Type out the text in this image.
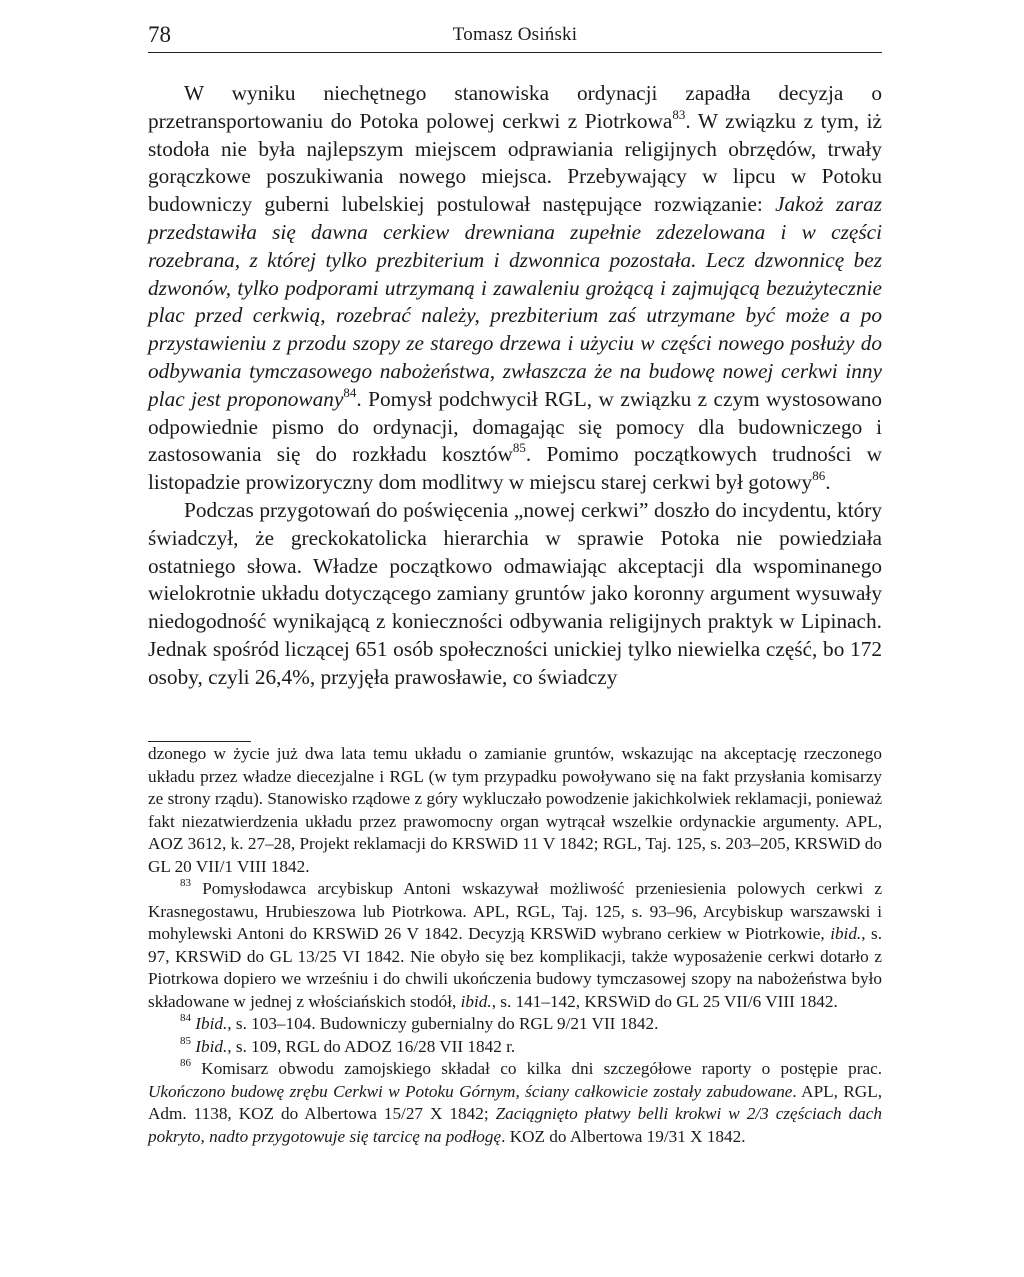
78	Tomasz Osiński

W wyniku niechętnego stanowiska ordynacji zapadła decyzja o przetransportowaniu do Potoka polowej cerkwi z Piotrkowa$^{83}$. W związku z tym, iż stodoła nie była najlepszym miejscem odprawiania religijnych obrzędów, trwały gorączkowe poszukiwania nowego miejsca. Przebywający w lipcu w Potoku budowniczy guberni lubelskiej postulował następujące rozwiązanie: Jakoż zaraz przedstawiła się dawna cerkiew drewniana zupełnie zdezelowana i w części rozebrana, z której tylko prezbiterium i dzwonnica pozostała. Lecz dzwonnicę bez dzwonów, tylko podporami utrzymaną i zawaleniu grożącą i zajmującą bezużytecznie plac przed cerkwią, rozebrać należy, prezbiterium zaś utrzymane być może a po przystawieniu z przodu szopy ze starego drzewa i użyciu w części nowego posłuży do odbywania tymczasowego nabożeństwa, zwłaszcza że na budowę nowej cerkwi inny plac jest proponowany$^{84}$. Pomysł podchwycił RGL, w związku z czym wystosowano odpowiednie pismo do ordynacji, domagając się pomocy dla budowniczego i zastosowania się do rozkładu kosztów$^{85}$. Pomimo początkowych trudności w listopadzie prowizoryczny dom modlitwy w miejscu starej cerkwi był gotowy$^{86}$.

Podczas przygotowań do poświęcenia „nowej cerkwi” doszło do incydentu, który świadczył, że greckokatolicka hierarchia w sprawie Potoka nie powiedziała ostatniego słowa. Władze początkowo odmawiając akceptacji dla wspominanego wielokrotnie układu dotyczącego zamiany gruntów jako koronny argument wysuwały niedogodność wynikającą z konieczności odbywania religijnych praktyk w Lipinach. Jednak spośród liczącej 651 osób społeczności unickiej tylko niewielka część, bo 172 osoby, czyli 26,4%, przyjęła prawosławie, co świadczy

dzonego w życie już dwa lata temu układu o zamianie gruntów, wskazując na akceptację rzeczonego układu przez władze diecezjalne i RGL (w tym przypadku powoływano się na fakt przysłania komisarzy ze strony rządu). Stanowisko rządowe z góry wykluczało powodzenie jakichkolwiek reklamacji, ponieważ fakt niezatwierdzenia układu przez prawomocny organ wytrącał wszelkie ordynackie argumenty. APL, AOZ 3612, k. 27–28, Projekt reklamacji do KRSWiD 11 V 1842; RGL, Taj. 125, s. 203–205, KRSWiD do GL 20 VII/1 VIII 1842.

$^{83}$ Pomysłodawca arcybiskup Antoni wskazywał możliwość przeniesienia polowych cerkwi z Krasnegostawu, Hrubieszowa lub Piotrkowa. APL, RGL, Taj. 125, s. 93–96, Arcybiskup warszawski i mohylewski Antoni do KRSWiD 26 V 1842. Decyzją KRSWiD wybrano cerkiew w Piotrkowie, ibid., s. 97, KRSWiD do GL 13/25 VI 1842. Nie obyło się bez komplikacji, także wyposażenie cerkwi dotarło z Piotrkowa dopiero we wrześniu i do chwili ukończenia budowy tymczasowej szopy na nabożeństwa było składowane w jednej z włościańskich stodół, ibid., s. 141–142, KRSWiD do GL 25 VII/6 VIII 1842.

$^{84}$ Ibid., s. 103–104. Budowniczy gubernialny do RGL 9/21 VII 1842.

$^{85}$ Ibid., s. 109, RGL do ADOZ 16/28 VII 1842 r.

$^{86}$ Komisarz obwodu zamojskiego składał co kilka dni szczegółowe raporty o postępie prac. Ukończono budowę zrębu Cerkwi w Potoku Górnym, ściany całkowicie zostały zabudowane. APL, RGL, Adm. 1138, KOZ do Albertowa 15/27 X 1842; Zaciągnięto płatwy belli krokwi w 2/3 częściach dach pokryto, nadto przygotowuje się tarcicę na podłogę. KOZ do Albertowa 19/31 X 1842.
